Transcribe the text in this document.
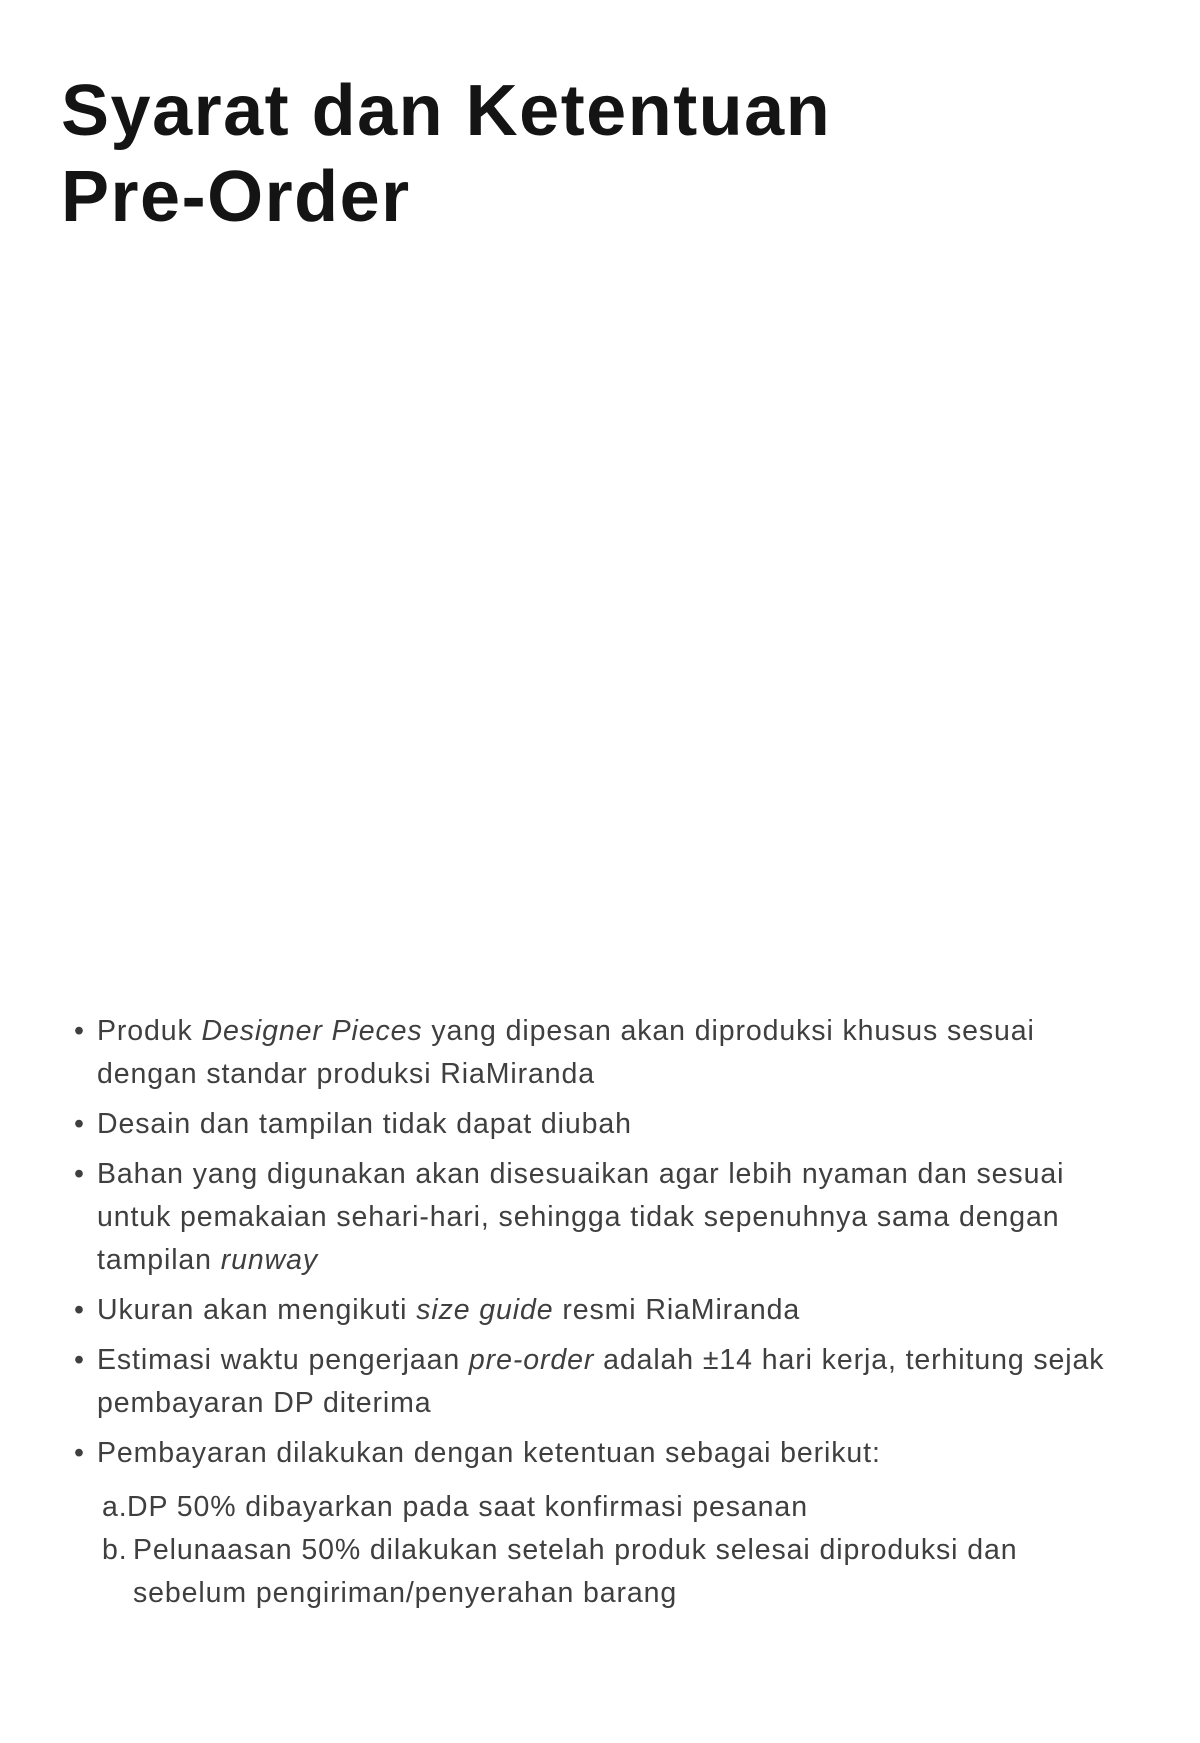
Syarat dan Ketentuan
Pre-Order
• Produk Designer Pieces yang dipesan akan diproduksi khusus sesuai dengan standar produksi RiaMiranda
• Desain dan tampilan tidak dapat diubah
• Bahan yang digunakan akan disesuaikan agar lebih nyaman dan sesuai untuk pemakaian sehari-hari, sehingga tidak sepenuhnya sama dengan tampilan runway
• Ukuran akan mengikuti size guide resmi RiaMiranda
• Estimasi waktu pengerjaan pre-order adalah ±14 hari kerja, terhitung sejak pembayaran DP diterima
• Pembayaran dilakukan dengan ketentuan sebagai berikut:
a. DP 50% dibayarkan pada saat konfirmasi pesanan
b. Pelunaasan 50% dilakukan setelah produk selesai diproduksi dan sebelum pengiriman/penyerahan barang
